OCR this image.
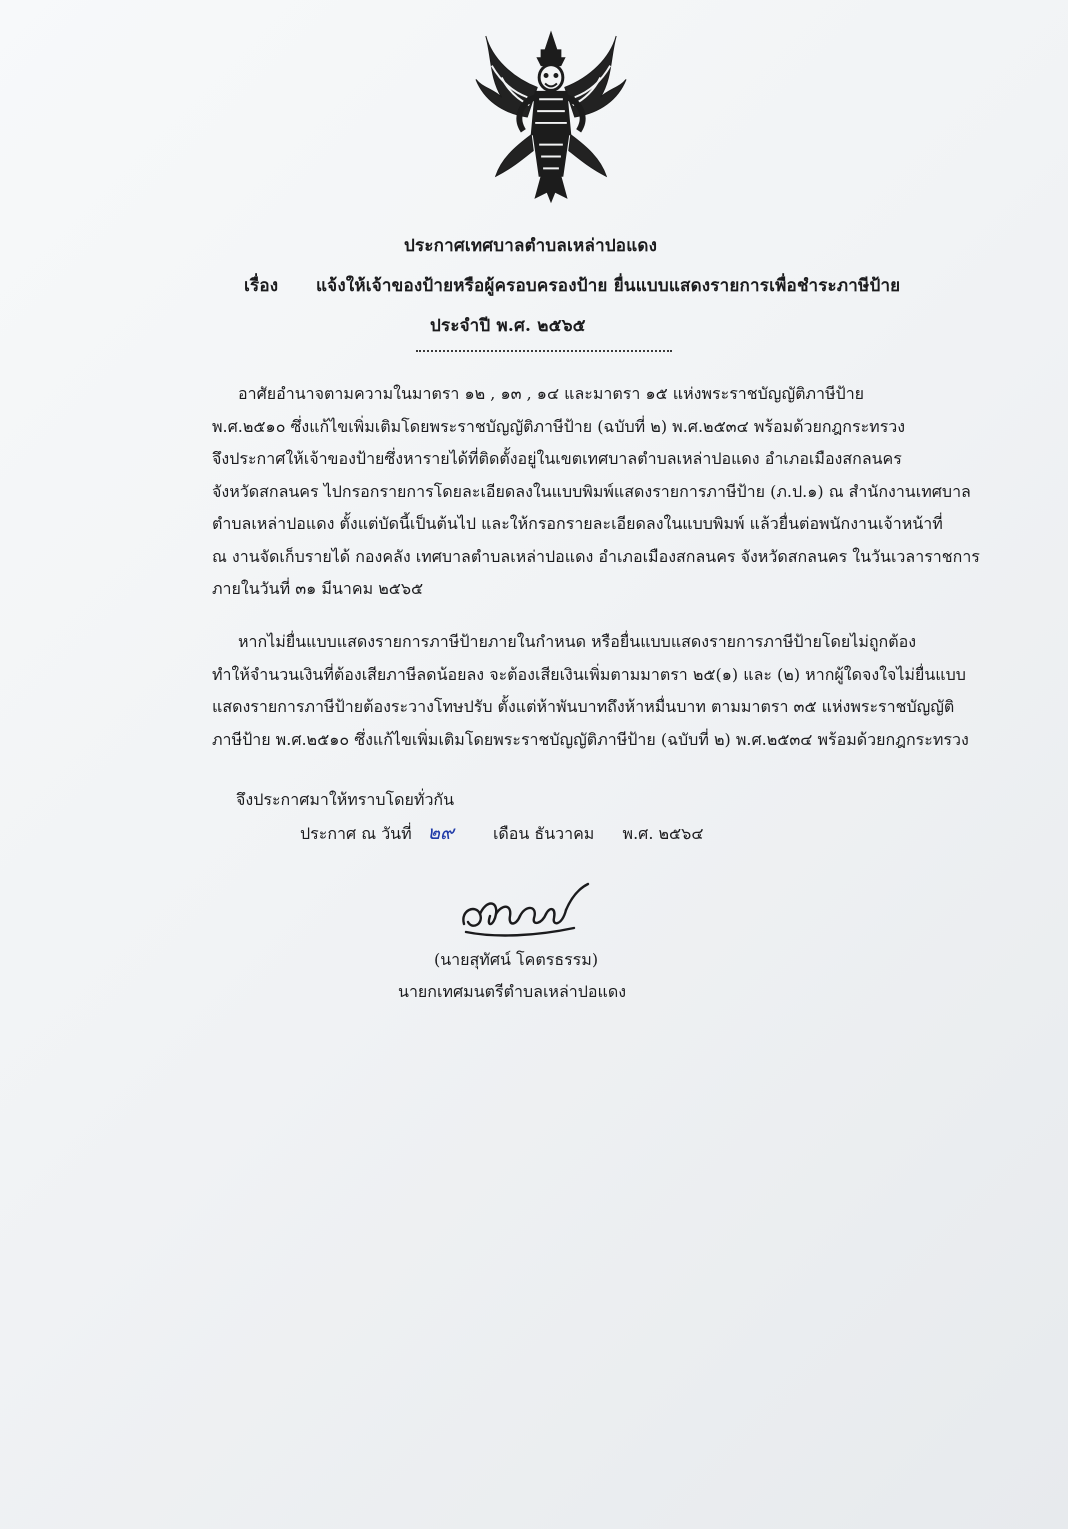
ประกาศเทศบาลตำบลเหล่าปอแดง
เรื่อง แจ้งให้เจ้าของป้ายหรือผู้ครอบครองป้าย ยื่นแบบแสดงรายการเพื่อชำระภาษีป้าย
ประจำปี พ.ศ. ๒๕๖๕
อาศัยอำนาจตามความในมาตรา ๑๒ , ๑๓ , ๑๔ และมาตรา ๑๕ แห่งพระราชบัญญัติภาษีป้าย
พ.ศ.๒๕๑๐ ซึ่งแก้ไขเพิ่มเติมโดยพระราชบัญญัติภาษีป้าย (ฉบับที่ ๒) พ.ศ.๒๕๓๔ พร้อมด้วยกฎกระทรวง
จึงประกาศให้เจ้าของป้ายซึ่งหารายได้ที่ติดตั้งอยู่ในเขตเทศบาลตำบลเหล่าปอแดง อำเภอเมืองสกลนคร
จังหวัดสกลนคร ไปกรอกรายการโดยละเอียดลงในแบบพิมพ์แสดงรายการภาษีป้าย (ภ.ป.๑) ณ สำนักงานเทศบาล
ตำบลเหล่าปอแดง ตั้งแต่บัดนี้เป็นต้นไป และให้กรอกรายละเอียดลงในแบบพิมพ์ แล้วยื่นต่อพนักงานเจ้าหน้าที่
ณ งานจัดเก็บรายได้ กองคลัง เทศบาลตำบลเหล่าปอแดง อำเภอเมืองสกลนคร จังหวัดสกลนคร ในวันเวลาราชการ
ภายในวันที่ ๓๑ มีนาคม ๒๕๖๕
หากไม่ยื่นแบบแสดงรายการภาษีป้ายภายในกำหนด หรือยื่นแบบแสดงรายการภาษีป้ายโดยไม่ถูกต้อง
ทำให้จำนวนเงินที่ต้องเสียภาษีลดน้อยลง จะต้องเสียเงินเพิ่มตามมาตรา ๒๕(๑) และ (๒) หากผู้ใดจงใจไม่ยื่นแบบ
แสดงรายการภาษีป้ายต้องระวางโทษปรับ ตั้งแต่ห้าพันบาทถึงห้าหมื่นบาท ตามมาตรา ๓๕ แห่งพระราชบัญญัติ
ภาษีป้าย พ.ศ.๒๕๑๐ ซึ่งแก้ไขเพิ่มเติมโดยพระราชบัญญัติภาษีป้าย (ฉบับที่ ๒) พ.ศ.๒๕๓๔ พร้อมด้วยกฎกระทรวง
จึงประกาศมาให้ทราบโดยทั่วกัน
ประกาศ ณ วันที่ ๒๙ เดือน ธันวาคม พ.ศ. ๒๕๖๔
(นายสุทัศน์ โคตรธรรม)
นายกเทศมนตรีตำบลเหล่าปอแดง
